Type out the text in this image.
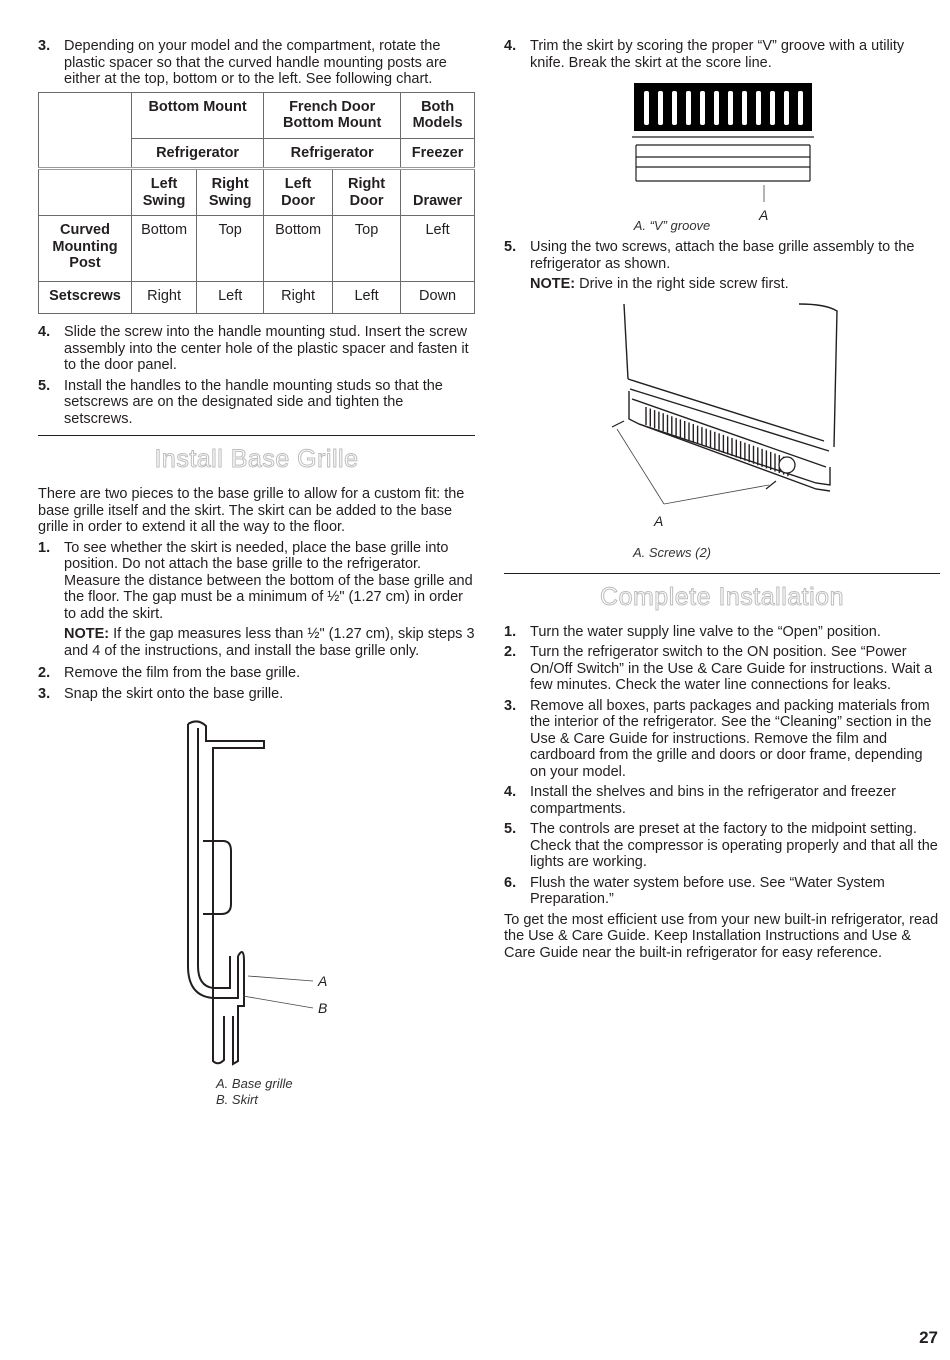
3. Depending on your model and the compartment, rotate the plastic spacer so that the curved handle mounting posts are either at the top, bottom or to the left. See following chart.
	Bottom Mount		French Door Bottom Mount		Both Models
	Refrigerator		Refrigerator		Freezer
	Left Swing	Right Swing	Left Door	Right Door	Drawer
Curved Mounting Post	Bottom	Top	Bottom	Top	Left
Setscrews	Right	Left	Right	Left	Down
4. Slide the screw into the handle mounting stud. Insert the screw assembly into the center hole of the plastic spacer and fasten it to the door panel.
5. Install the handles to the handle mounting studs so that the setscrews are on the designated side and tighten the setscrews.
Install Base Grille
There are two pieces to the base grille to allow for a custom fit: the base grille itself and the skirt. The skirt can be added to the base grille in order to extend it all the way to the floor.
1. To see whether the skirt is needed, place the base grille into position. Do not attach the base grille to the refrigerator. Measure the distance between the bottom of the base grille and the floor. The gap must be a minimum of ½" (1.27 cm) in order to add the skirt.
NOTE: If the gap measures less than ½" (1.27 cm), skip steps 3 and 4 of the instructions, and install the base grille only.
2. Remove the film from the base grille.
3. Snap the skirt onto the base grille.
A
B
A. Base grille
B. Skirt
4. Trim the skirt by scoring the proper “V” groove with a utility knife. Break the skirt at the score line.
A
A. “V” groove
5. Using the two screws, attach the base grille assembly to the refrigerator as shown.
NOTE: Drive in the right side screw first.
A
A. Screws (2)
Complete Installation
1. Turn the water supply line valve to the “Open” position.
2. Turn the refrigerator switch to the ON position. See “Power On/Off Switch” in the Use & Care Guide for instructions. Wait a few minutes. Check the water line connections for leaks.
3. Remove all boxes, parts packages and packing materials from the interior of the refrigerator. See the “Cleaning” section in the Use & Care Guide for instructions. Remove the film and cardboard from the grille and doors or door frame, depending on your model.
4. Install the shelves and bins in the refrigerator and freezer compartments.
5. The controls are preset at the factory to the midpoint setting. Check that the compressor is operating properly and that all the lights are working.
6. Flush the water system before use. See “Water System Preparation.”
To get the most efficient use from your new built-in refrigerator, read the Use & Care Guide. Keep Installation Instructions and Use & Care Guide near the built-in refrigerator for easy reference.
27
